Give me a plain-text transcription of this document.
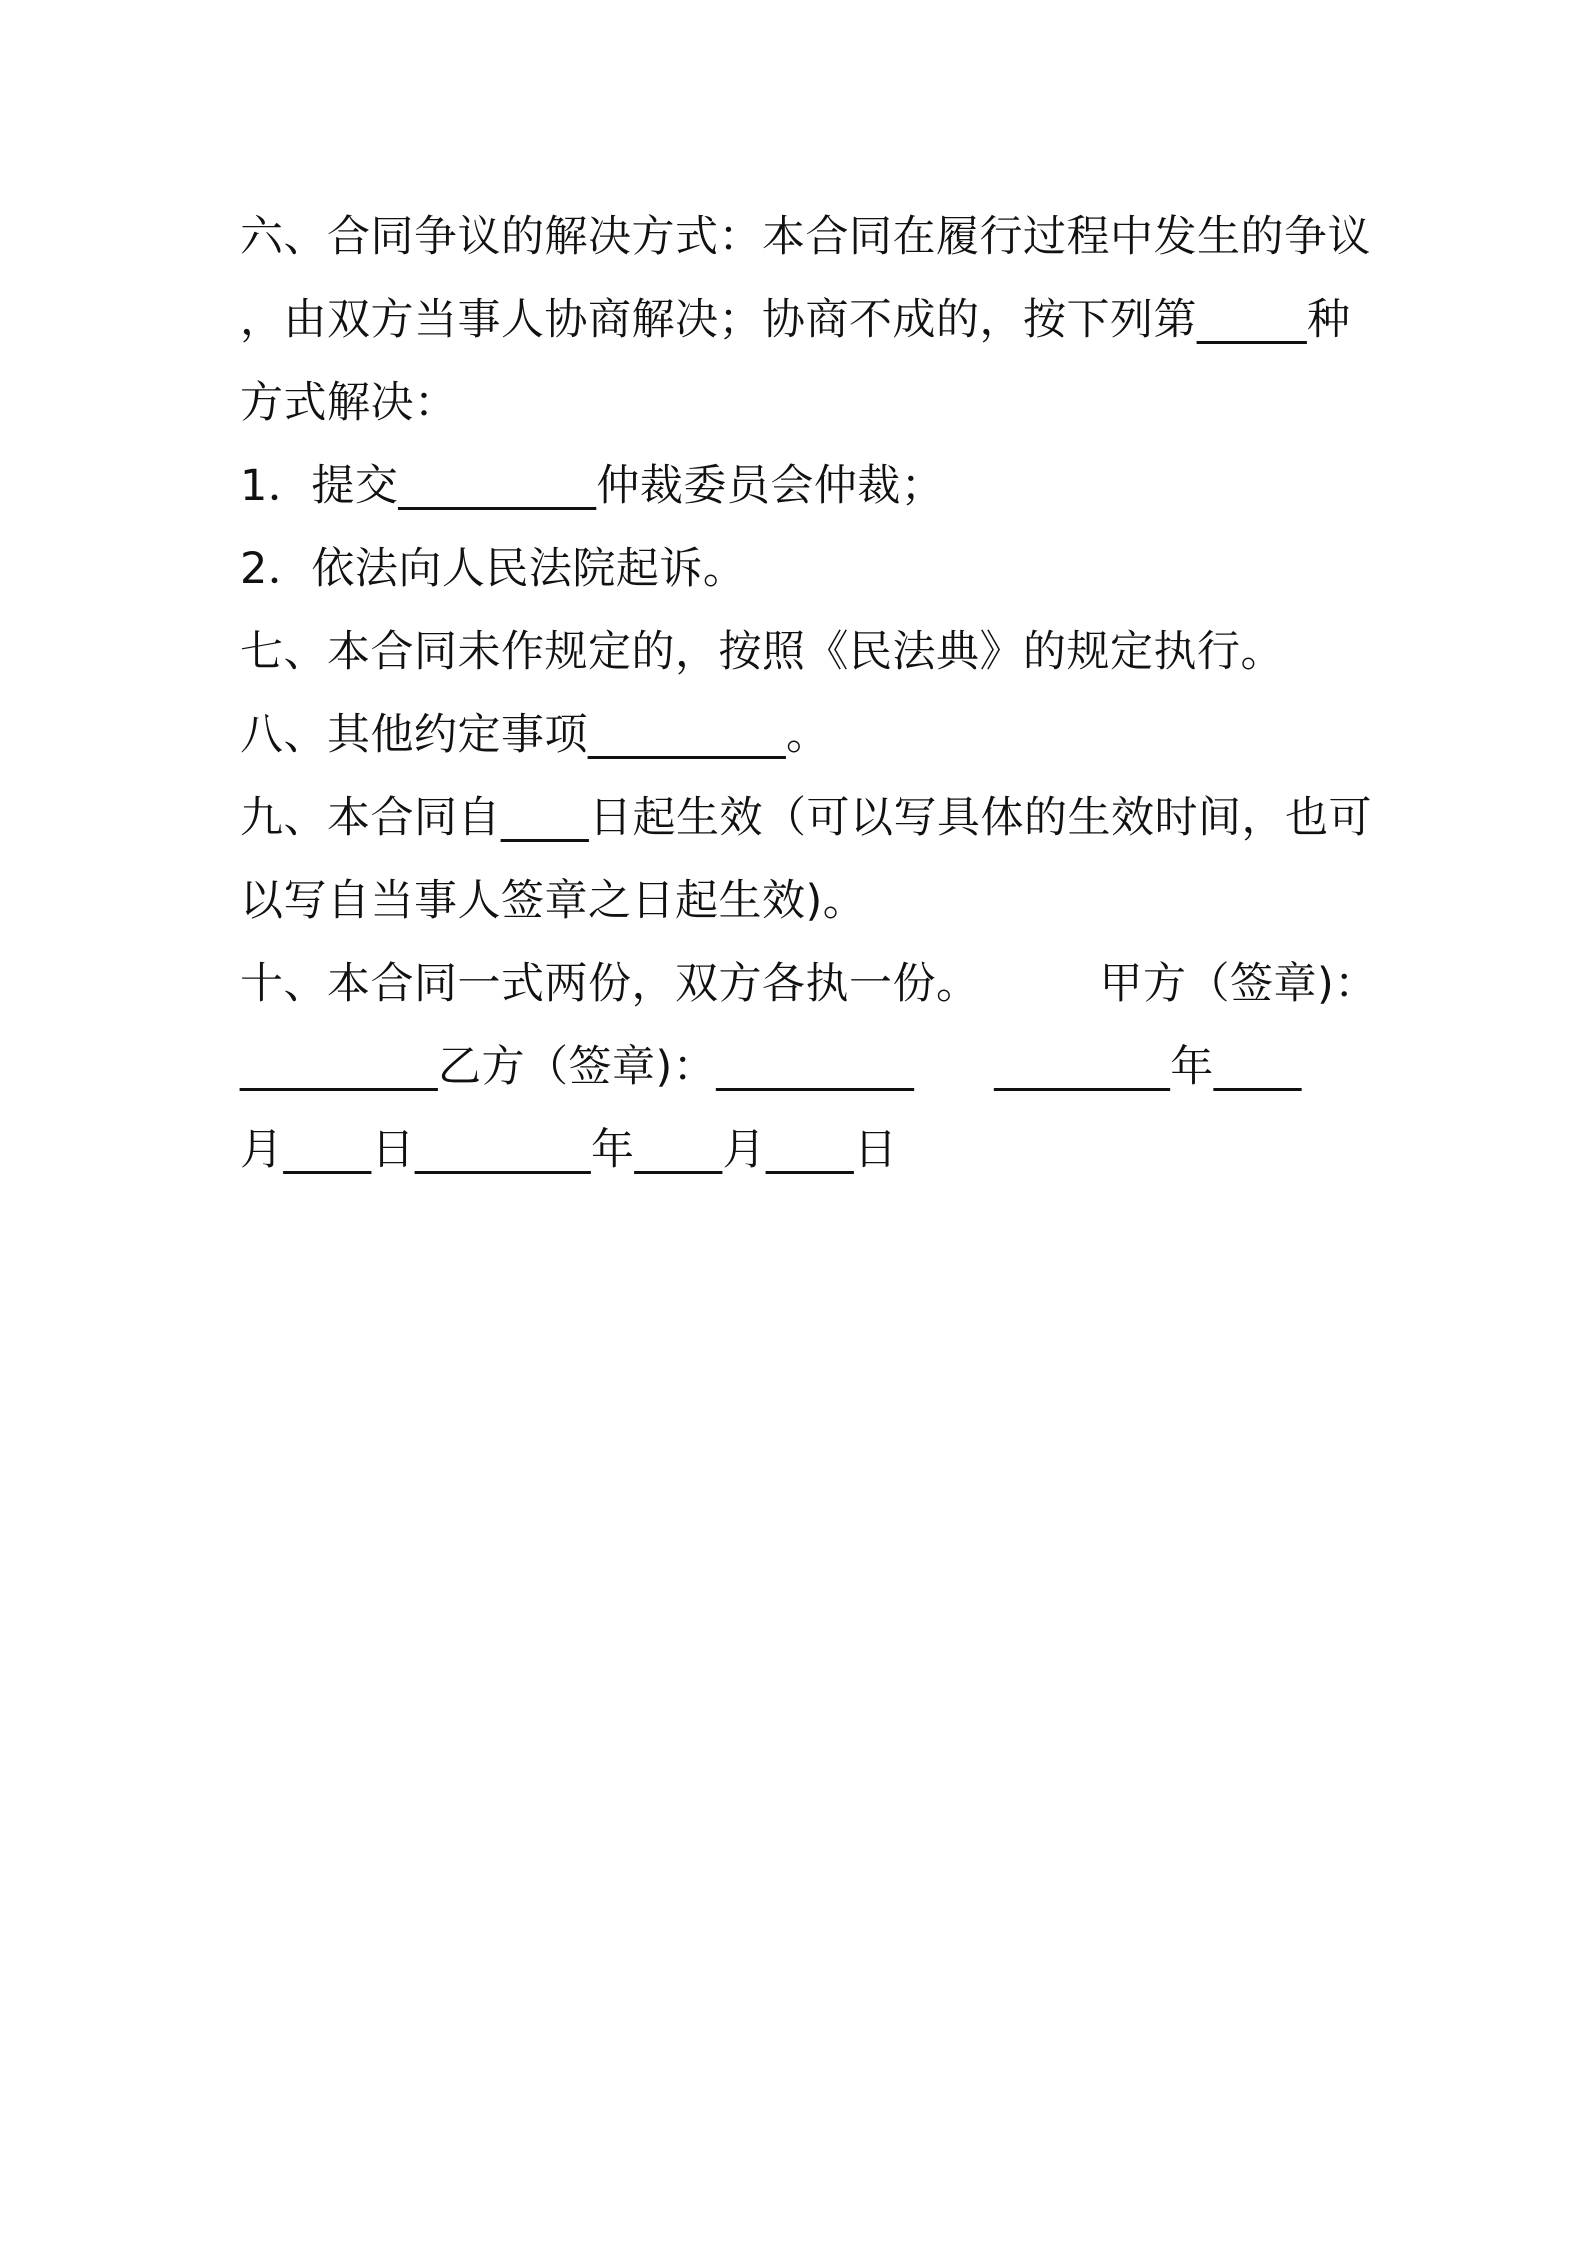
六、合同争议的解决方式：本合同在履行过程中发生的争议
，由双方当事人协商解决；协商不成的，按下列第_____种
方式解决：
1．提交_________仲裁委员会仲裁；
2．依法向人民法院起诉。
七、本合同未作规定的，按照《民法典》的规定执行。
八、其他约定事项_________。
九、本合同自____日起生效（可以写具体的生效时间，也可
以写自当事人签章之日起生效)。
十、本合同一式两份，双方各执一份。	甲方（签章)：
_________乙方（签章)：_________ ________年____
月____日________年____月____日
